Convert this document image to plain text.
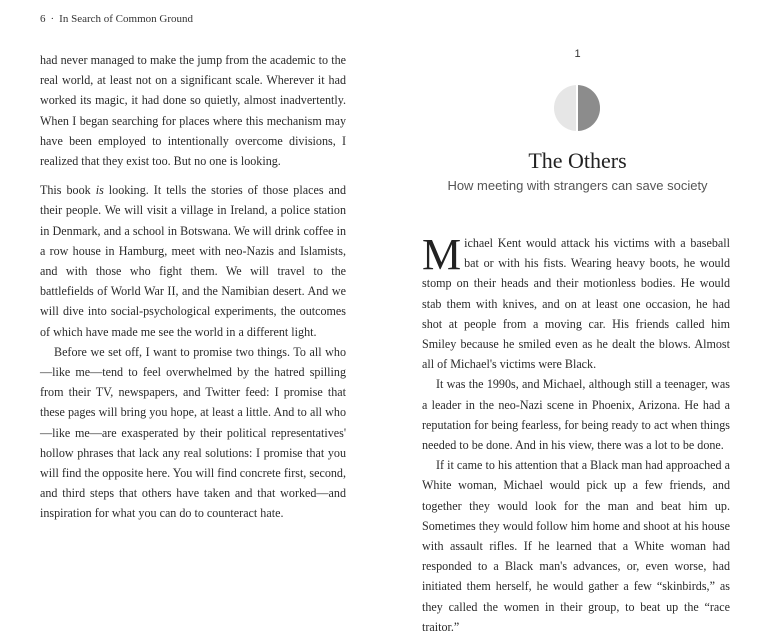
6 · In Search of Common Ground

had never managed to make the jump from the academic to the real world, at least not on a significant scale. Wherever it had worked its magic, it had done so quietly, almost inadvertently. When I began searching for places where this mechanism may have been employed to intentionally overcome divisions, I realized that they exist too. But no one is looking.

This book is looking. It tells the stories of those places and their people. We will visit a village in Ireland, a police station in Denmark, and a school in Botswana. We will drink coffee in a row house in Hamburg, meet with neo-Nazis and Islamists, and with those who fight them. We will travel to the battlefields of World War II, and the Namibian desert. And we will dive into social-psychological experiments, the outcomes of which have made me see the world in a different light.

Before we set off, I want to promise two things. To all who—like me—tend to feel overwhelmed by the hatred spilling from their TV, newspapers, and Twitter feed: I promise that these pages will bring you hope, at least a little. And to all who—like me—are exasperated by their political representatives' hollow phrases that lack any real solutions: I promise that you will find the opposite here. You will find concrete first, second, and third steps that others have taken and that worked—and inspiration for what you can do to counteract hate.

1
The Others
How meeting with strangers can save society

Michael Kent would attack his victims with a baseball bat or with his fists. Wearing heavy boots, he would stomp on their heads and their motionless bodies. He would stab them with knives, and on at least one occasion, he had shot at people from a moving car. His friends called him Smiley because he smiled even as he dealt the blows. Almost all of Michael's victims were Black.

It was the 1990s, and Michael, although still a teenager, was a leader in the neo-Nazi scene in Phoenix, Arizona. He had a reputation for being fearless, for being ready to act when things needed to be done. And in his view, there was a lot to be done.

If it came to his attention that a Black man had approached a White woman, Michael would pick up a few friends, and together they would look for the man and beat him up. Sometimes they would follow him home and shoot at his house with assault rifles. If he learned that a White woman had responded to a Black man's advances, or, even worse, had initiated them herself, he would gather a few “skinbirds,” as they called the women in their group, to beat up the “race traitor.”
